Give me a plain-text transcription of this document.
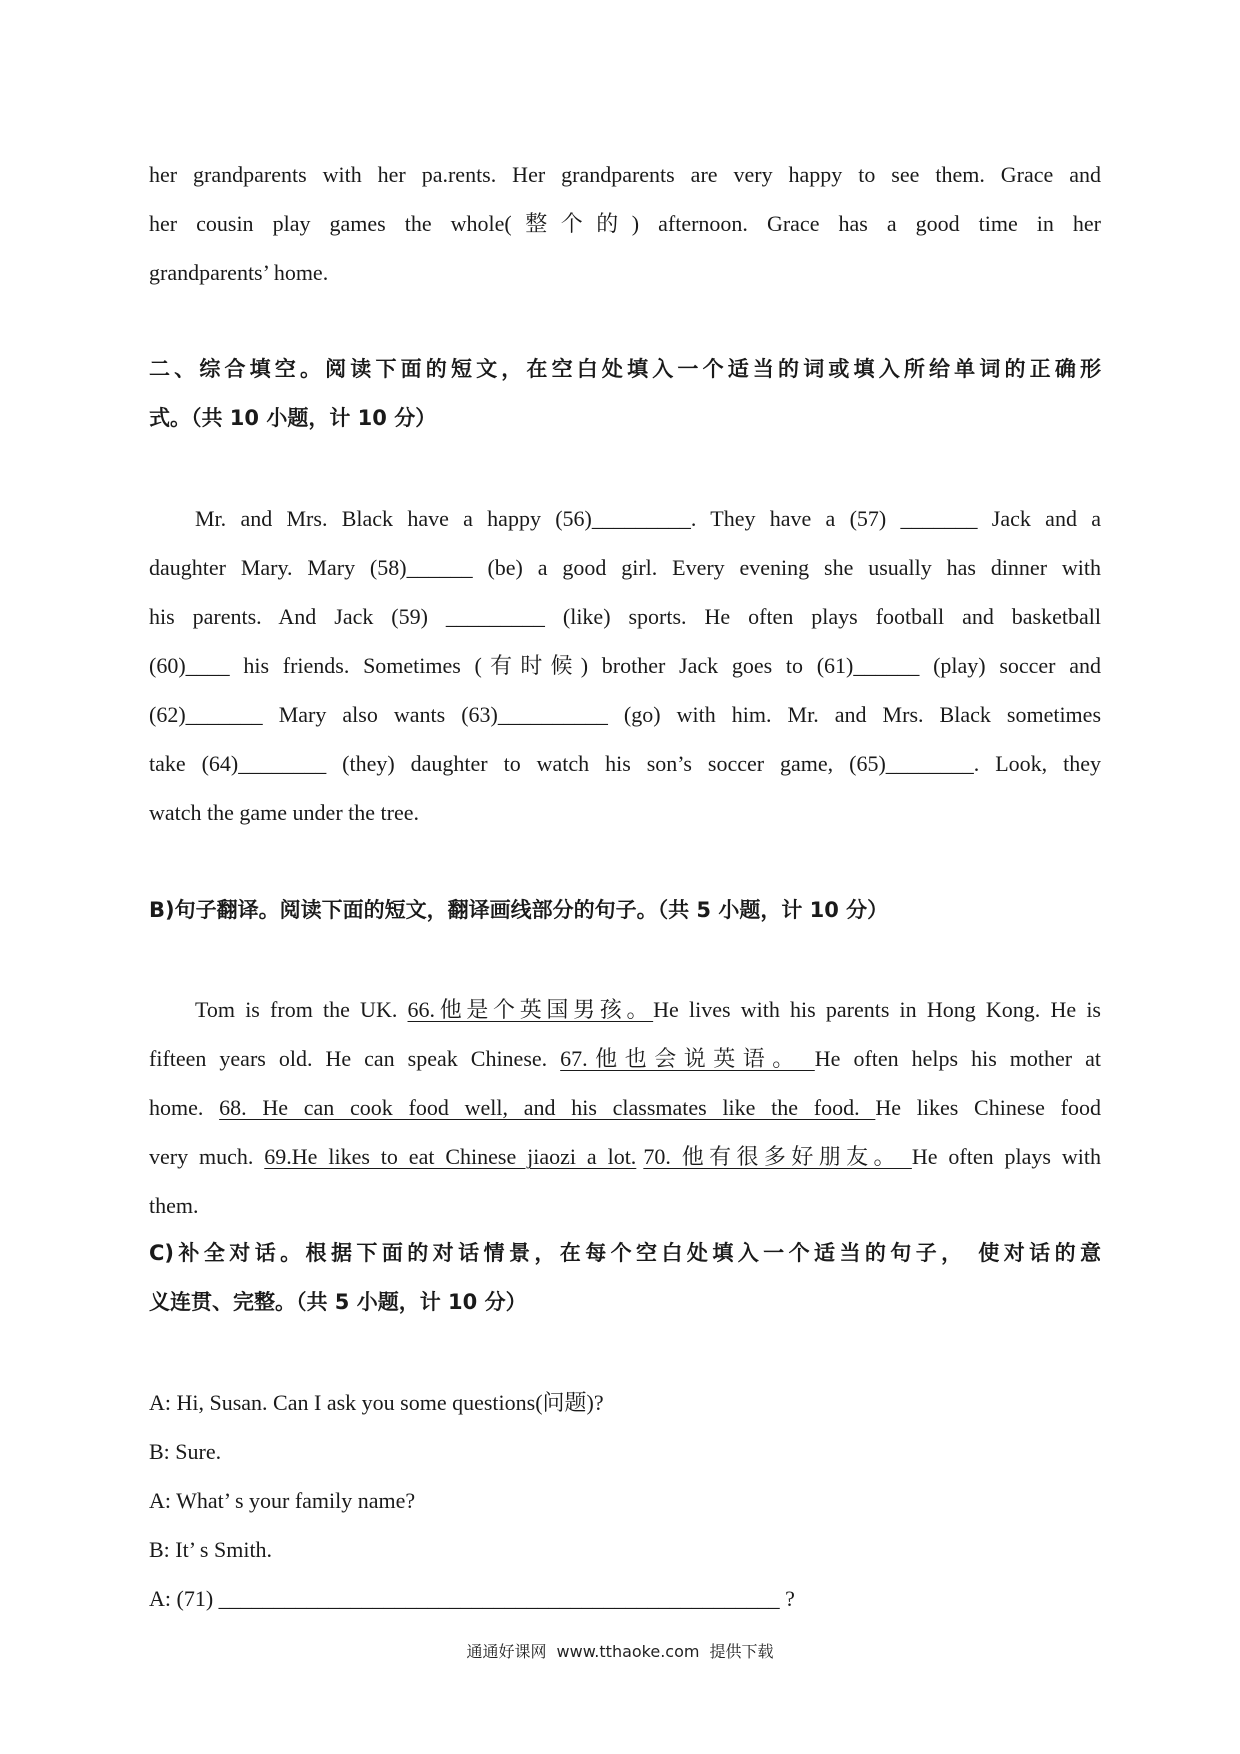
her grandparents with her pa.rents. Her grandparents are very happy to see them. Grace and
her cousin play games the whole(整个的) afternoon. Grace has a good time in her
grandparents’ home.
二、综合填空。阅读下面的短文，在空白处填入一个适当的词或填入所给单词的正确形
式。（共 10 小题，计 10 分）
Mr. and Mrs. Black have a happy (56)_________. They have a (57) _______ Jack and a
daughter Mary. Mary (58)______ (be) a good girl. Every evening she usually has dinner with
his parents. And Jack (59) _________ (like) sports. He often plays football and basketball
(60)____ his friends. Sometimes (有时候) brother Jack goes to (61)______ (play) soccer and
(62)_______ Mary also wants (63)__________ (go) with him. Mr. and Mrs. Black sometimes
take (64)________ (they) daughter to watch his son’s soccer game, (65)________. Look, they
watch the game under the tree.
B)句子翻译。阅读下面的短文，翻译画线部分的句子。（共 5 小题，计 10 分）
Tom is from the UK. 66.他是个英国男孩。He lives with his parents in Hong Kong. He is
fifteen years old. He can speak Chinese. 67.他也会说英语。 He often helps his mother at
home. 68. He can cook food well, and his classmates like the food. He likes Chinese food
very much. 69.He likes to eat Chinese jiaozi a lot. 70. 他有很多好朋友。 He often plays with
them.
C)补全对话。根据下面的对话情景，在每个空白处填入一个适当的句子， 使对话的意
义连贯、完整。（共 5 小题，计 10 分）
A: Hi, Susan. Can I ask you some questions(问题)?
B: Sure.
A: What’ s your family name?
B: It’ s Smith.
A: (71) ___________________________________________________ ?
通通好课网 www.tthaoke.com 提供下载
